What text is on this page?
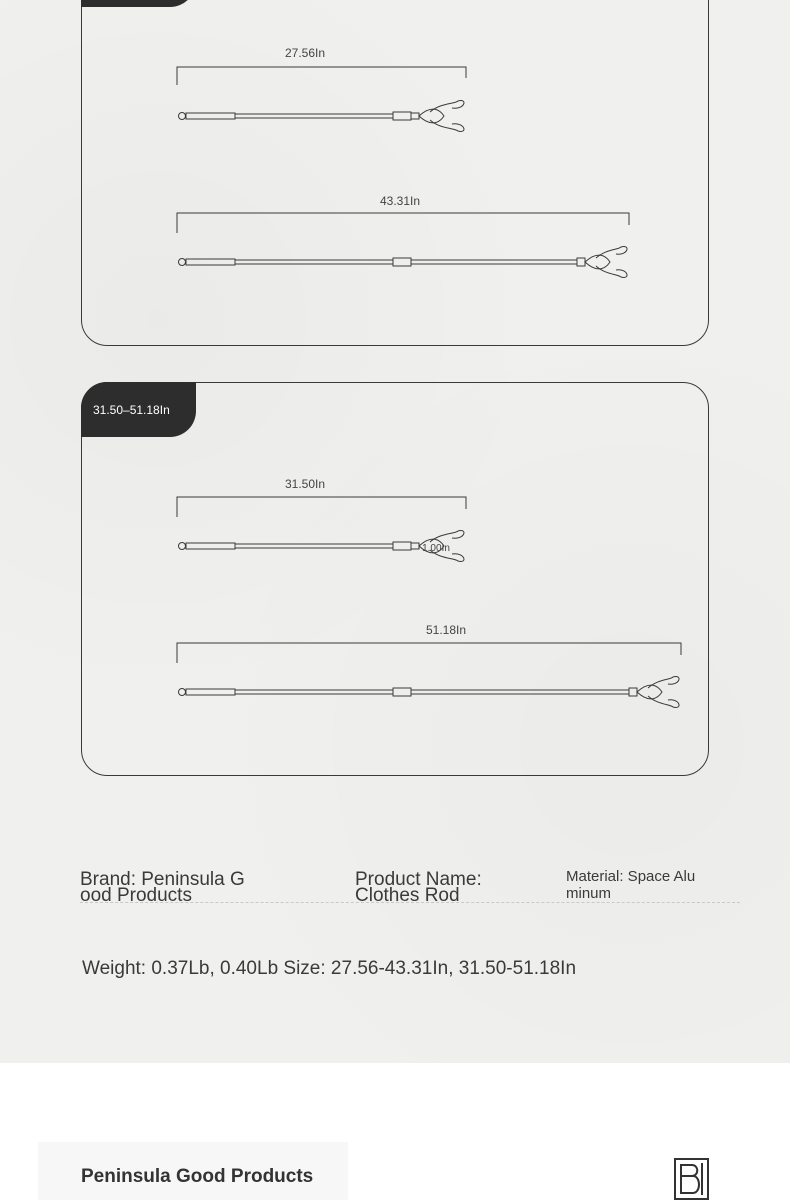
31.50–51.18In
27.56In
43.31In
31.50In
1.00In
51.18In
Brand: Peninsula G
ood Products
Product Name:
Clothes Rod
Material: Space Alu
minum
Weight: 0.37Lb, 0.40Lb Size: 27.56-43.31In, 31.50-51.18In
Peninsula Good Products
